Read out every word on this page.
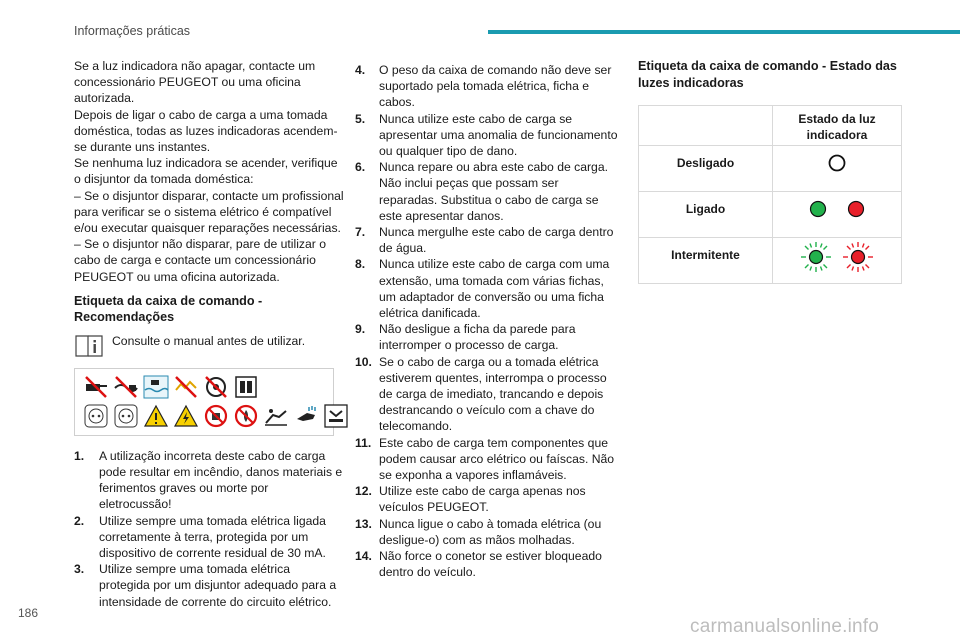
Informações práticas
Se a luz indicadora não apagar, contacte um concessionário PEUGEOT ou uma oficina autorizada.
Depois de ligar o cabo de carga a uma tomada doméstica, todas as luzes indicadoras acendem-se durante uns instantes.
Se nenhuma luz indicadora se acender, verifique o disjuntor da tomada doméstica:
– Se o disjuntor disparar, contacte um profissional para verificar se o sistema elétrico é compatível e/ou executar quaisquer reparações necessárias.
– Se o disjuntor não disparar, pare de utilizar o cabo de carga e contacte um concessionário PEUGEOT ou uma oficina autorizada.
Etiqueta da caixa de comando - Recomendações
Consulte o manual antes de utilizar.
1.	A utilização incorreta deste cabo de carga pode resultar em incêndio, danos materiais e ferimentos graves ou morte por eletrocussão!
2.	Utilize sempre uma tomada elétrica ligada corretamente à terra, protegida por um dispositivo de corrente residual de 30 mA.
3.	Utilize sempre uma tomada elétrica protegida por um disjuntor adequado para a intensidade de corrente do circuito elétrico.
4.	O peso da caixa de comando não deve ser suportado pela tomada elétrica, ficha e cabos.
5.	Nunca utilize este cabo de carga se apresentar uma anomalia de funcionamento ou qualquer tipo de dano.
6.	Nunca repare ou abra este cabo de carga. Não inclui peças que possam ser reparadas. Substitua o cabo de carga se este apresentar danos.
7.	Nunca mergulhe este cabo de carga dentro de água.
8.	Nunca utilize este cabo de carga com uma extensão, uma tomada com várias fichas, um adaptador de conversão ou uma ficha elétrica danificada.
9.	Não desligue a ficha da parede para interromper o processo de carga.
10. Se o cabo de carga ou a tomada elétrica estiverem quentes, interrompa o processo de carga de imediato, trancando e depois destrancando o veículo com a chave do telecomando.
11. Este cabo de carga tem componentes que podem causar arco elétrico ou faíscas. Não se exponha a vapores inflamáveis.
12. Utilize este cabo de carga apenas nos veículos PEUGEOT.
13. Nunca ligue o cabo à tomada elétrica (ou desligue-o) com as mãos molhadas.
14. Não force o conetor se estiver bloqueado dentro do veículo.
Etiqueta da caixa de comando - Estado das luzes indicadoras
	Estado da luz indicadora
Desligado	

Ligado	

Intermitente	
186
carmanualsonline.info
